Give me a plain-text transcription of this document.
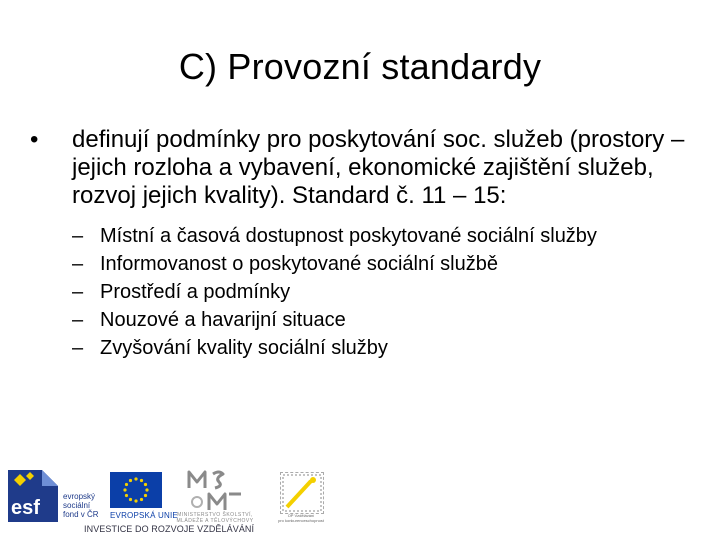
C) Provozní standardy
•	definují podmínky pro poskytování soc. služeb (prostory – jejich rozloha a vybavení, ekonomické zajištění služeb, rozvoj jejich kvality). Standard č. 11 – 15:
– Místní a časová dostupnost poskytované sociální služby
– Informovanost o poskytované sociální službě
– Prostředí a podmínky
– Nouzové a havarijní situace
– Zvyšování kvality sociální služby
esf
evropský
sociální
fond v ČR EVROPSKÁ UNIE MINISTERSTVO ŠKOLSTVÍ, MLÁDEŽE A TĚLOVÝCHOVY
OP Vzdělávání
pro konkurenceschopnost
INVESTICE DO ROZVOJE VZDĚLÁVÁNÍ
